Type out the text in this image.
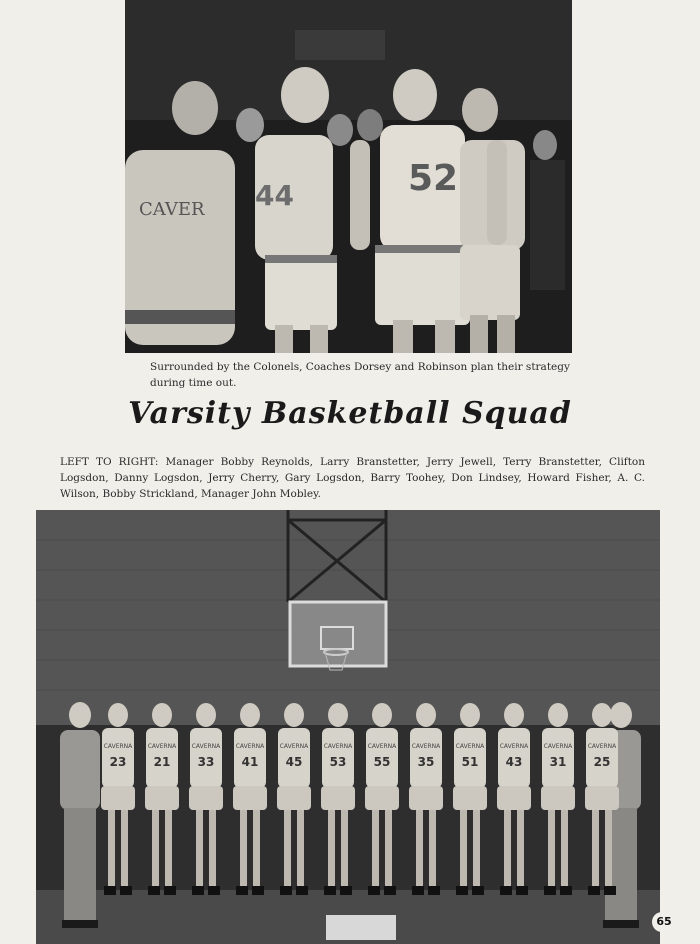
CAVER 44	52
Surrounded by the Colonels, Coaches Dorsey and Robinson plan their strategy during time out.
Varsity Basketball Squad
LEFT TO RIGHT: Manager Bobby Reynolds, Larry Branstetter, Jerry Jewell, Terry Branstetter, Clifton Logsdon, Danny Logsdon, Jerry Cherry, Gary Logsdon, Barry Toohey, Don Lindsey, Howard Fisher, A. C. Wilson, Bobby Strickland, Manager John Mobley.
CAVERNA
23
CAVERNA
21
CAVERNA
33
CAVERNA
41
CAVERNA
45
CAVERNA
53
CAVERNA
55
CAVERNA
35
CAVERNA
51
CAVERNA
43
CAVERNA
31
CAVERNA
25
65
